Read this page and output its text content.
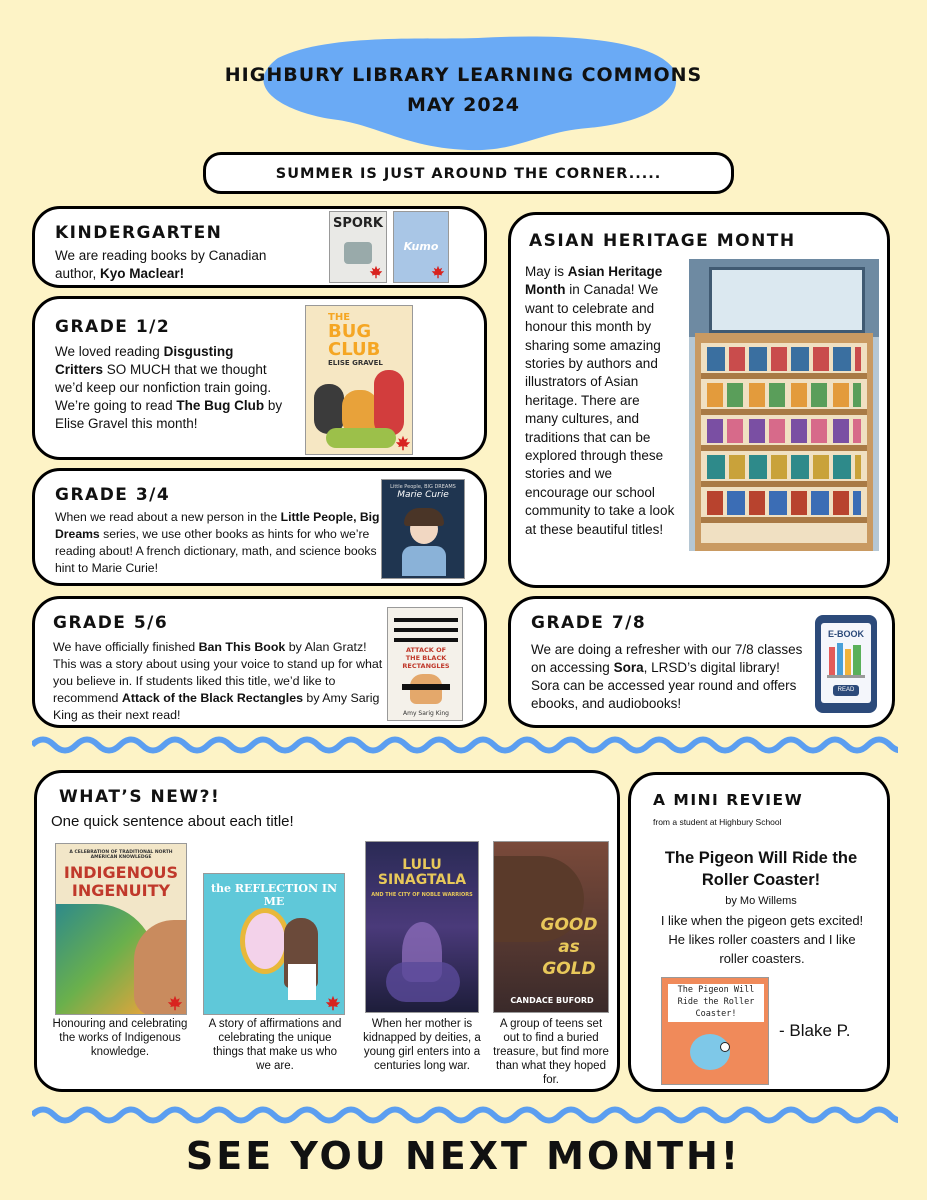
HIGHBURY LIBRARY LEARNING COMMONS
MAY 2024
SUMMER IS JUST AROUND THE CORNER.....
KINDERGARTEN
We are reading books by Canadian author, Kyo Maclear!
SPORK
Kumo
GRADE 1/2
We loved reading Disgusting Critters SO MUCH that we thought we’d keep our nonfiction train going. We’re going to read The Bug Club by Elise Gravel this month!
THE
BUG
CLUB
ELISE GRAVEL
GRADE 3/4
When we read about a new person in the Little People, Big Dreams series, we use other books as hints for who we’re reading about! A french dictionary, math, and science books hint to Marie Curie!
Little People, BIG DREAMS
Marie Curie
GRADE 5/6
We have officially finished Ban This Book by Alan Gratz! This was a story about using your voice to stand up for what you believe in. If students liked this title, we’d like to recommend Attack of the Black Rectangles by Amy Sarig King as their next read!
ATTACK OF THE BLACK RECTANGLES
Amy Sarig King
ASIAN HERITAGE MONTH
May is Asian Heritage Month in Canada! We want to celebrate and honour this month by sharing some amazing stories by authors and illustrators of Asian heritage. There are many cultures, and traditions that can be explored through these stories and we encourage our school community to take a look at these beautiful titles!
GRADE 7/8
We are doing a refresher with our 7/8 classes on accessing Sora, LRSD’s digital library! Sora can be accessed year round and offers ebooks, and audiobooks!
E-BOOK
READ
WHAT’S NEW?!
One quick sentence about each title!
A CELEBRATION OF TRADITIONAL NORTH AMERICAN KNOWLEDGE
INDIGENOUS INGENUITY
Honouring and celebrating the works of Indigenous knowledge.
the REFLECTION IN ME
A story of affirmations and celebrating the unique things that make us who we are.
LULU SINAGTALA
AND THE CITY OF NOBLE WARRIORS
When her mother is kidnapped by deities, a young girl enters into a centuries long war.
GOOD as GOLD
CANDACE BUFORD
A group of teens set out to find a buried treasure, but find more than what they hoped for.
A MINI REVIEW
from a student at Highbury School
The Pigeon Will Ride the Roller Coaster!
by Mo Willems
I like when the pigeon gets excited! He likes roller coasters and I like roller coasters.
The Pigeon Will Ride the Roller Coaster!
- Blake P.
SEE YOU NEXT MONTH!
